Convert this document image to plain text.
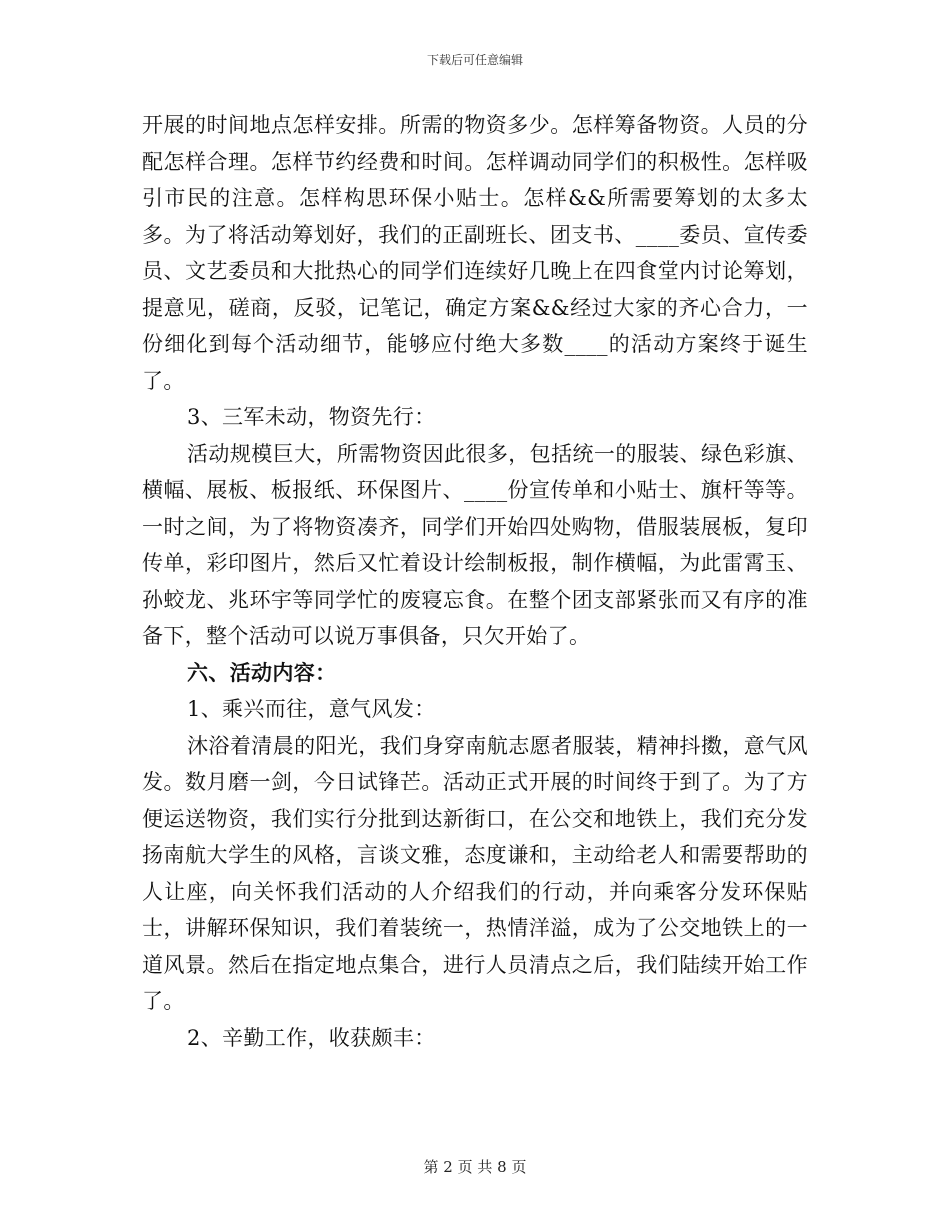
下载后可任意编辑

开展的时间地点怎样安排。所需的物资多少。怎样筹备物资。人员的分配怎样合理。怎样节约经费和时间。怎样调动同学们的积极性。怎样吸引市民的注意。怎样构思环保小贴士。怎样&&所需要筹划的太多太多。为了将活动筹划好，我们的正副班长、团支书、____委员、宣传委员、文艺委员和大批热心的同学们连续好几晚上在四食堂内讨论筹划，提意见，磋商，反驳，记笔记，确定方案&&经过大家的齐心合力，一份细化到每个活动细节，能够应付绝大多数____的活动方案终于诞生了。

3、三军未动，物资先行：

活动规模巨大，所需物资因此很多，包括统一的服装、绿色彩旗、横幅、展板、板报纸、环保图片、____份宣传单和小贴士、旗杆等等。一时之间，为了将物资凑齐，同学们开始四处购物，借服装展板，复印传单，彩印图片，然后又忙着设计绘制板报，制作横幅，为此雷霄玉、孙蛟龙、兆环宇等同学忙的废寝忘食。在整个团支部紧张而又有序的准备下，整个活动可以说万事俱备，只欠开始了。

六、活动内容：

1、乘兴而往，意气风发：

沐浴着清晨的阳光，我们身穿南航志愿者服装，精神抖擞，意气风发。数月磨一剑，今日试锋芒。活动正式开展的时间终于到了。为了方便运送物资，我们实行分批到达新街口，在公交和地铁上，我们充分发扬南航大学生的风格，言谈文雅，态度谦和，主动给老人和需要帮助的人让座，向关怀我们活动的人介绍我们的行动，并向乘客分发环保贴士，讲解环保知识，我们着装统一，热情洋溢，成为了公交地铁上的一道风景。然后在指定地点集合，进行人员清点之后，我们陆续开始工作了。

2、辛勤工作，收获颇丰：

第 2 页 共 8 页
